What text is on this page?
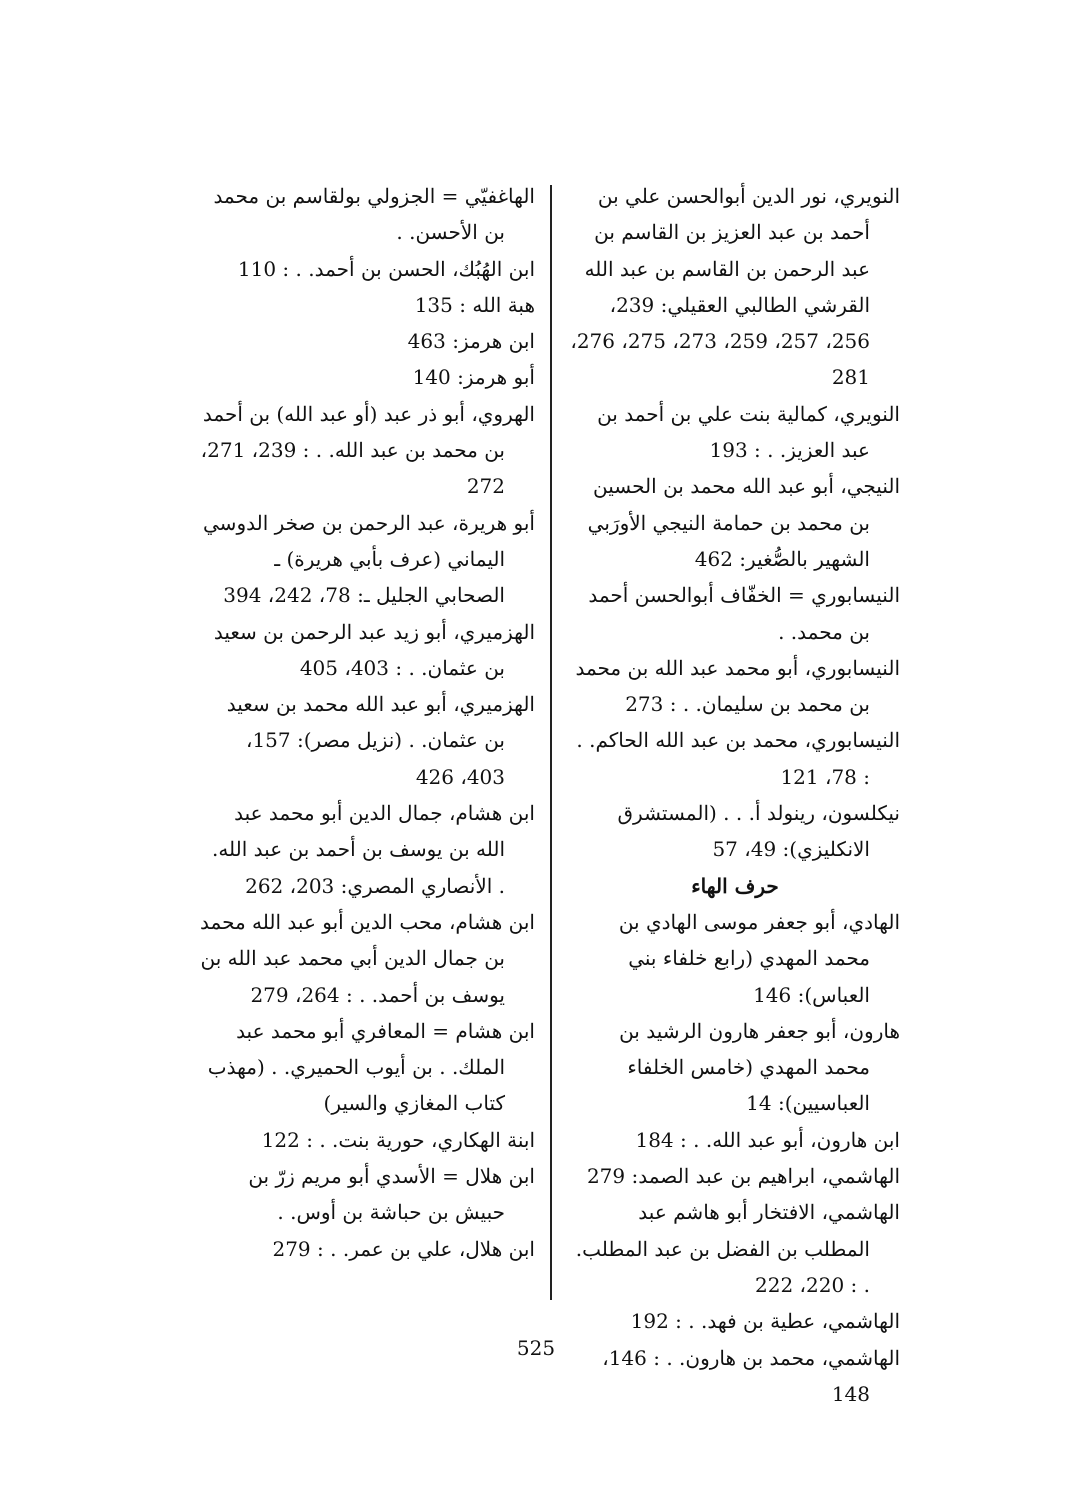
النويري، نور الدين أبوالحسن علي بن أحمد بن عبد العزيز بن القاسم بن عبد الرحمن بن القاسم بن عبد الله القرشي الطالبي العقيلي: 239، 256، 257، 259، 273، 275، 276، 281

النويري، كمالية بنت علي بن أحمد بن عبد العزيز. . : 193

النيجي، أبو عبد الله محمد بن الحسين بن محمد بن حمامة النيجي الأورَبي الشهير بالصُّغير: 462

النيسابوري = الخفّاف أبوالحسن أحمد بن محمد. .

النيسابوري، أبو محمد عبد الله بن محمد بن محمد بن سليمان. . : 273

النيسابوري، محمد بن عبد الله الحاكم. . : 78، 121

نيكلسون، رينولد أ. . . (المستشرق الانكليزي): 49، 57

حرف الهاء

الهادي، أبو جعفر موسى الهادي بن محمد المهدي (رابع خلفاء بني العباس): 146

هارون، أبو جعفر هارون الرشيد بن محمد المهدي (خامس الخلفاء العباسيين): 14

ابن هارون، أبو عبد الله. . : 184

الهاشمي، ابراهيم بن عبد الصمد: 279

الهاشمي، الافتخار أبو هاشم عبد المطلب بن الفضل بن عبد المطلب. . : 220، 222

الهاشمي، عطية بن فهد. . : 192

الهاشمي، محمد بن هارون. . : 146، 148

الهاغفيّي = الجزولي بولقاسم بن محمد بن الأحسن. .

ابن الهُبُك، الحسن بن أحمد. . : 110

هبة الله : 135

ابن هرمز: 463

أبو هرمز: 140

الهروي، أبو ذر عبد (أو عبد الله) بن أحمد بن محمد بن عبد الله. . : 239، 271، 272

أبو هريرة، عبد الرحمن بن صخر الدوسي اليماني (عرف بأبي هريرة) ـ الصحابي الجليل ـ: 78، 242، 394

الهزميري، أبو زيد عبد الرحمن بن سعيد بن عثمان. . : 403، 405

الهزميري، أبو عبد الله محمد بن سعيد بن عثمان. . (نزيل مصر): 157، 403، 426

ابن هشام، جمال الدين أبو محمد عبد الله بن يوسف بن أحمد بن عبد الله. . الأنصاري المصري: 203، 262

ابن هشام، محب الدين أبو عبد الله محمد بن جمال الدين أبي محمد عبد الله بن يوسف بن أحمد. . : 264، 279

ابن هشام = المعافري أبو محمد عبد الملك. . بن أيوب الحميري. . (مهذب كتاب المغازي والسير)

ابنة الهكاري، حورية بنت. . : 122

ابن هلال = الأسدي أبو مريم زرّ بن حبيش بن حباشة بن أوس. .

ابن هلال، علي بن عمر. . : 279

525
